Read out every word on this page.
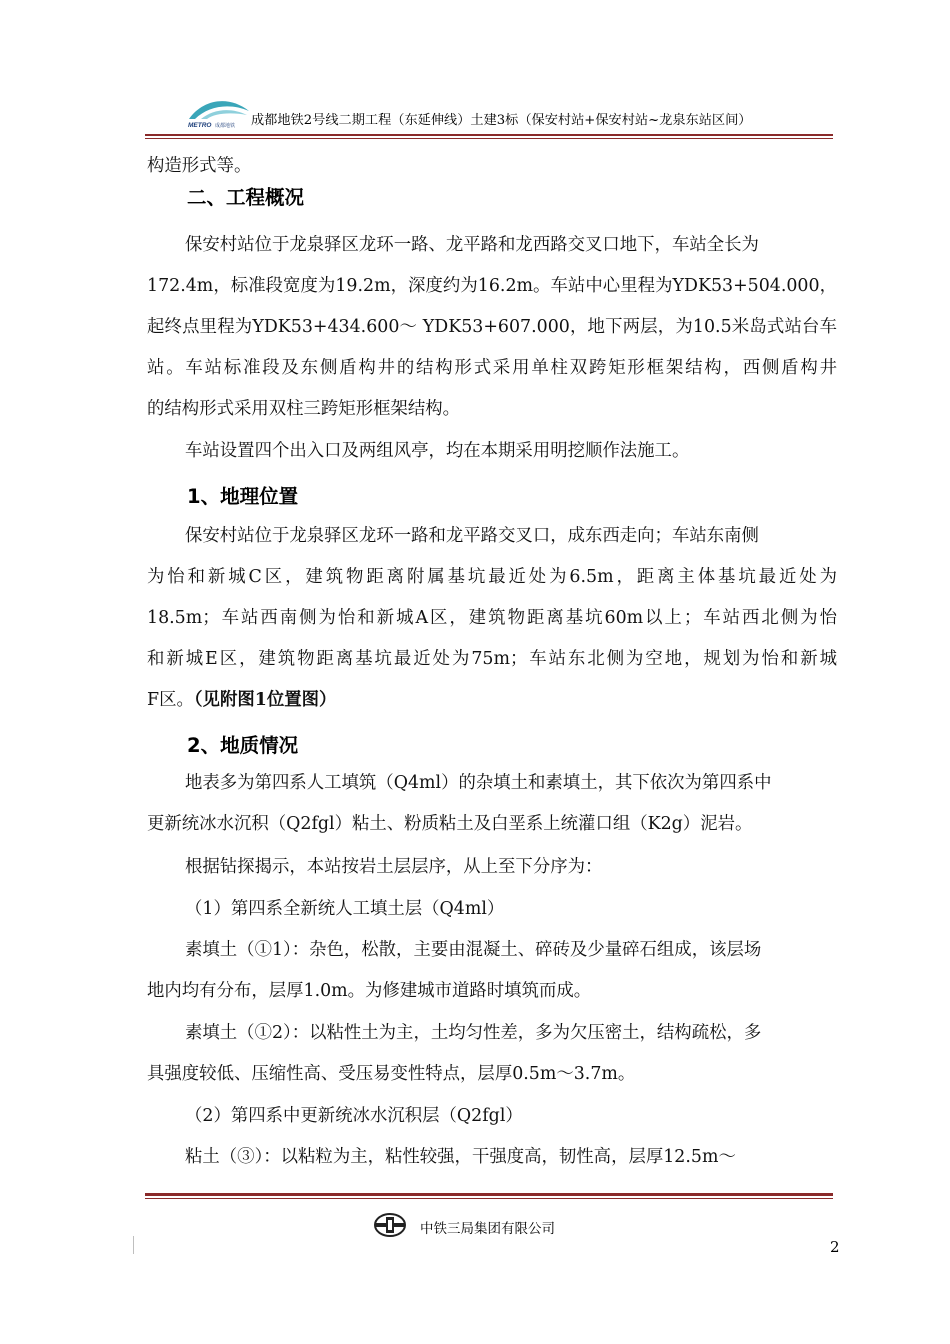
METRO 成都地铁 成都地铁2号线二期工程（东延伸线）土建3标（保安村站+保安村站~龙泉东站区间）
构造形式等。
二、工程概况
保安村站位于龙泉驿区龙环一路、龙平路和龙西路交叉口地下，车站全长为
172.4m，标准段宽度为19.2m，深度约为16.2m。车站中心里程为YDK53+504.000，
起终点里程为YDK53+434.600～ YDK53+607.000，地下两层，为10.5米岛式站台车
站。车站标准段及东侧盾构井的结构形式采用单柱双跨矩形框架结构，西侧盾构井
的结构形式采用双柱三跨矩形框架结构。
车站设置四个出入口及两组风亭，均在本期采用明挖顺作法施工。
1、地理位置
保安村站位于龙泉驿区龙环一路和龙平路交叉口，成东西走向；车站东南侧
为怡和新城C区，建筑物距离附属基坑最近处为6.5m，距离主体基坑最近处为
18.5m；车站西南侧为怡和新城A区，建筑物距离基坑60m以上；车站西北侧为怡
和新城E区，建筑物距离基坑最近处为75m；车站东北侧为空地，规划为怡和新城
F区。（见附图1位置图）
2、地质情况
地表多为第四系人工填筑（Q4ml）的杂填土和素填土，其下依次为第四系中
更新统冰水沉积（Q2fgl）粘土、粉质粘土及白垩系上统灌口组（K2g）泥岩。
根据钻探揭示，本站按岩土层层序，从上至下分序为：
（1）第四系全新统人工填土层（Q4ml）
素填土（①1）：杂色，松散，主要由混凝土、碎砖及少量碎石组成，该层场
地内均有分布，层厚1.0m。为修建城市道路时填筑而成。
素填土（①2）：以粘性土为主，土均匀性差，多为欠压密土，结构疏松，多
具强度较低、压缩性高、受压易变性特点，层厚0.5m～3.7m。
（2）第四系中更新统冰水沉积层（Q2fgl）
粘土（③）：以粘粒为主，粘性较强，干强度高，韧性高，层厚12.5m～
中铁三局集团有限公司
2
